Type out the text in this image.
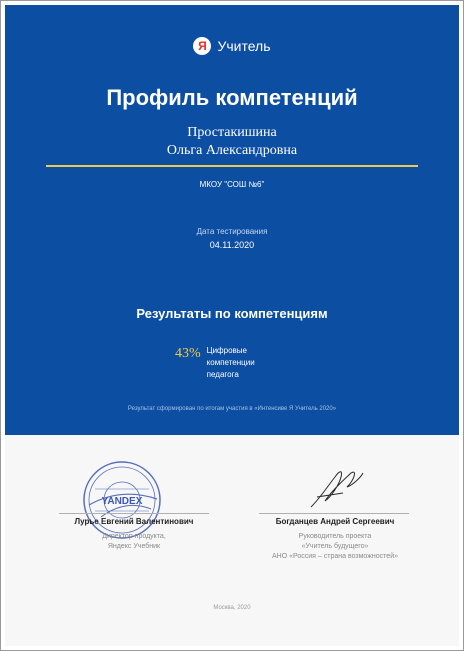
Я Учитель
Профиль компетенций
Простакишина
Ольга Александровна
МКОУ "СОШ №6"
Дата тестирования
04.11.2020
Результаты по компетенциям
43% Цифровые компетенции педагога
Результат сформирован по итогам участия в «Интенсиве Я Учитель 2020»
YANDEX
Лурье Евгений Валентинович
Директор продукта,
Яндекс Учебник
Богданцев Андрей Сергеевич
Руководитель проекта
«Учитель будущего»
АНО «Россия – страна возможностей»
Москва, 2020
